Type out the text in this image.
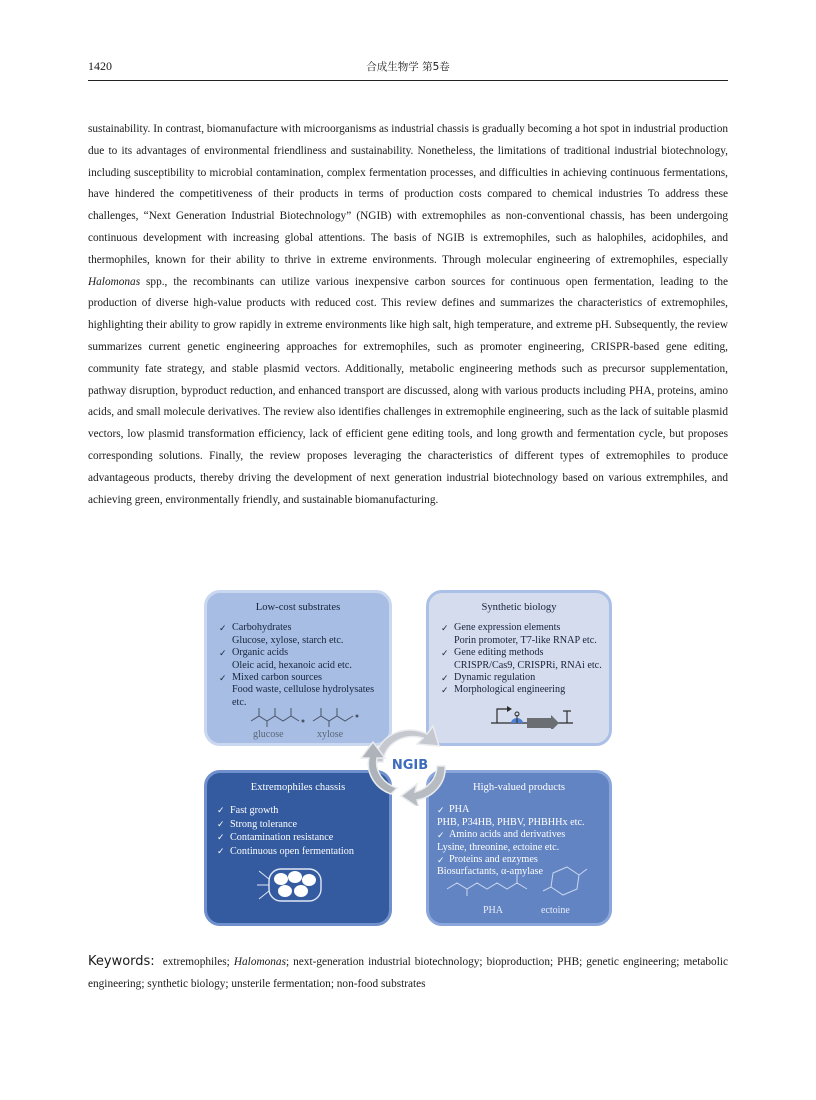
1420	合成生物学 第5卷

sustainability. In contrast, biomanufacture with microorganisms as industrial chassis is gradually becoming a hot spot in industrial production due to its advantages of environmental friendliness and sustainability. Nonetheless, the limitations of traditional industrial biotechnology, including susceptibility to microbial contamination, complex fermentation processes, and difficulties in achieving continuous fermentations, have hindered the competitiveness of their products in terms of production costs compared to chemical industries To address these challenges, “Next Generation Industrial Biotechnology” (NGIB) with extremophiles as non-conventional chassis, has been undergoing continuous development with increasing global attentions. The basis of NGIB is extremophiles, such as halophiles, acidophiles, and thermophiles, known for their ability to thrive in extreme environments. Through molecular engineering of extremophiles, especially Halomonas spp., the recombinants can utilize various inexpensive carbon sources for continuous open fermentation, leading to the production of diverse high-value products with reduced cost. This review defines and summarizes the characteristics of extremophiles, highlighting their ability to grow rapidly in extreme environments like high salt, high temperature, and extreme pH. Subsequently, the review summarizes current genetic engineering approaches for extremophiles, such as promoter engineering, CRISPR-based gene editing, community fate strategy, and stable plasmid vectors. Additionally, metabolic engineering methods such as precursor supplementation, pathway disruption, byproduct reduction, and enhanced transport are discussed, along with various products including PHA, proteins, amino acids, and small molecule derivatives. The review also identifies challenges in extremophile engineering, such as the lack of suitable plasmid vectors, low plasmid transformation efficiency, lack of efficient gene editing tools, and long growth and fermentation cycle, but proposes corresponding solutions. Finally, the review proposes leveraging the characteristics of different types of extremophiles to produce advantageous products, thereby driving the development of next generation industrial biotechnology based on various extremphiles, and achieving green, environmentally friendly, and sustainable biomanufacturing.

Low-cost substrates
✓ Carbohydrates
Glucose, xylose, starch etc.
✓ Organic acids
Oleic acid, hexanoic acid etc.
✓ Mixed carbon sources
Food waste, cellulose hydrolysates etc.
glucose	xylose
Synthetic biology
✓ Gene expression elements
Porin promoter, T7-like RNAP etc.
✓ Gene editing methods
CRISPR/Cas9, CRISPRi, RNAi etc.
✓ Dynamic regulation
✓ Morphological engineering
Extremophiles chassis
✓ Fast growth
✓ Strong tolerance
✓ Contamination resistance
✓ Continuous open fermentation
High-valued products
✓ PHA
PHB, P34HB, PHBV, PHBHHx etc.
✓ Amino acids and derivatives
Lysine, threonine, ectoine etc.
✓ Proteins and enzymes
Biosurfactants, α-amylase
PHA	ectoine
NGIB

Keywords: extremophiles; Halomonas; next-generation industrial biotechnology; bioproduction; PHB; genetic engineering; metabolic engineering; synthetic biology; unsterile fermentation; non-food substrates
